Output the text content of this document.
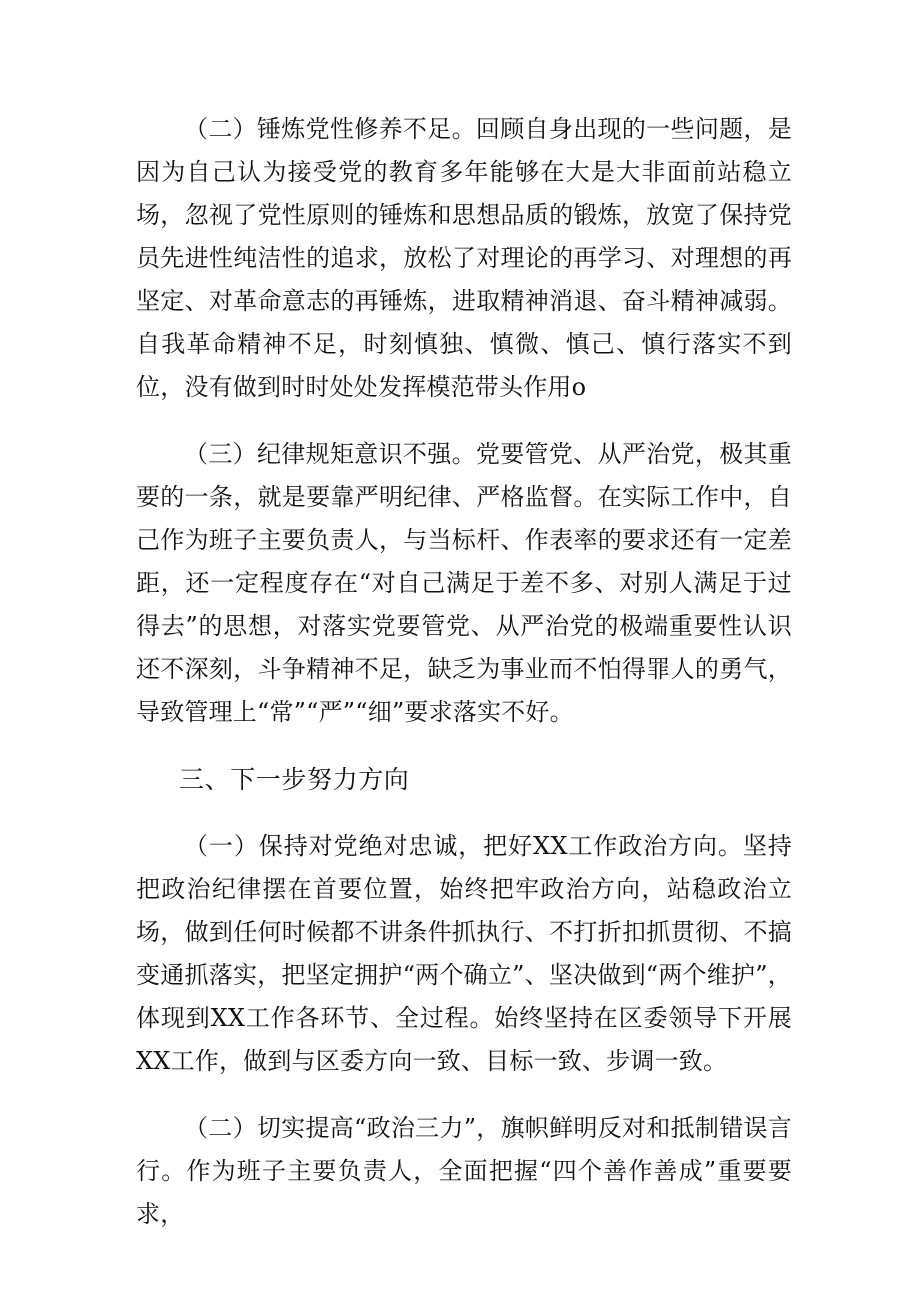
（二）锤炼党性修养不足。回顾自身出现的一些问题，是因为自己认为接受党的教育多年能够在大是大非面前站稳立场，忽视了党性原则的锤炼和思想品质的锻炼，放宽了保持党员先进性纯洁性的追求，放松了对理论的再学习、对理想的再坚定、对革命意志的再锤炼，进取精神消退、奋斗精神减弱。自我革命精神不足，时刻慎独、慎微、慎己、慎行落实不到位，没有做到时时处处发挥模范带头作用o

（三）纪律规矩意识不强。党要管党、从严治党，极其重要的一条，就是要靠严明纪律、严格监督。在实际工作中，自己作为班子主要负责人，与当标杆、作表率的要求还有一定差距，还一定程度存在“对自己满足于差不多、对别人满足于过得去”的思想，对落实党要管党、从严治党的极端重要性认识还不深刻，斗争精神不足，缺乏为事业而不怕得罪人的勇气，导致管理上“常”“严”“细”要求落实不好。

三、下一步努力方向

（一）保持对党绝对忠诚，把好XX工作政治方向。坚持把政治纪律摆在首要位置，始终把牢政治方向，站稳政治立场，做到任何时候都不讲条件抓执行、不打折扣抓贯彻、不搞变通抓落实，把坚定拥护“两个确立”、坚决做到“两个维护”，体现到XX工作各环节、全过程。始终坚持在区委领导下开展XX工作，做到与区委方向一致、目标一致、步调一致。

（二）切实提高“政治三力”，旗帜鲜明反对和抵制错误言行。作为班子主要负责人，全面把握“四个善作善成”重要要求，
